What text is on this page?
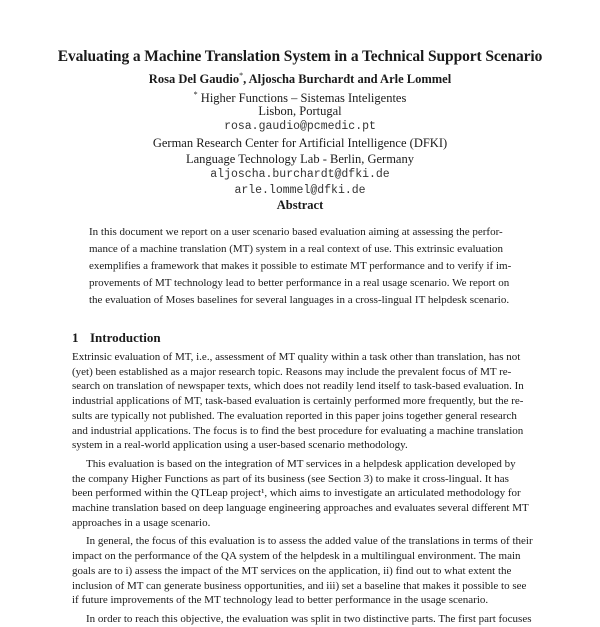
Evaluating a Machine Translation System in a Technical Support Scenario
Rosa Del Gaudio*, Aljoscha Burchardt and Arle Lommel
* Higher Functions – Sistemas Inteligentes
Lisbon, Portugal
rosa.gaudio@pcmedic.pt
German Research Center for Artificial Intelligence (DFKI)
Language Technology Lab - Berlin, Germany
aljoscha.burchardt@dfki.de
arle.lommel@dfki.de
Abstract
In this document we report on a user scenario based evaluation aiming at assessing the perfor-
mance of a machine translation (MT) system in a real context of use. This extrinsic evaluation
exemplifies a framework that makes it possible to estimate MT performance and to verify if im-
provements of MT technology lead to better performance in a real usage scenario. We report on
the evaluation of Moses baselines for several languages in a cross-lingual IT helpdesk scenario.
1 Introduction
Extrinsic evaluation of MT, i.e., assessment of MT quality within a task other than translation, has not
(yet) been established as a major research topic. Reasons may include the prevalent focus of MT re-
search on translation of newspaper texts, which does not readily lend itself to task-based evaluation. In
industrial applications of MT, task-based evaluation is certainly performed more frequently, but the re-
sults are typically not published. The evaluation reported in this paper joins together general research
and industrial applications. The focus is to find the best procedure for evaluating a machine translation
system in a real-world application using a user-based scenario methodology.
This evaluation is based on the integration of MT services in a helpdesk application developed by
the company Higher Functions as part of its business (see Section 3) to make it cross-lingual. It has
been performed within the QTLeap project¹, which aims to investigate an articulated methodology for
machine translation based on deep language engineering approaches and evaluates several different MT
approaches in a usage scenario.
In general, the focus of this evaluation is to assess the added value of the translations in terms of their
impact on the performance of the QA system of the helpdesk in a multilingual environment. The main
goals are to i) assess the impact of the MT services on the application, ii) find out to what extent the
inclusion of MT can generate business opportunities, and iii) set a baseline that makes it possible to see
if future improvements of the MT technology lead to better performance in the usage scenario.
In order to reach this objective, the evaluation was split in two distinctive parts. The first part focuses
